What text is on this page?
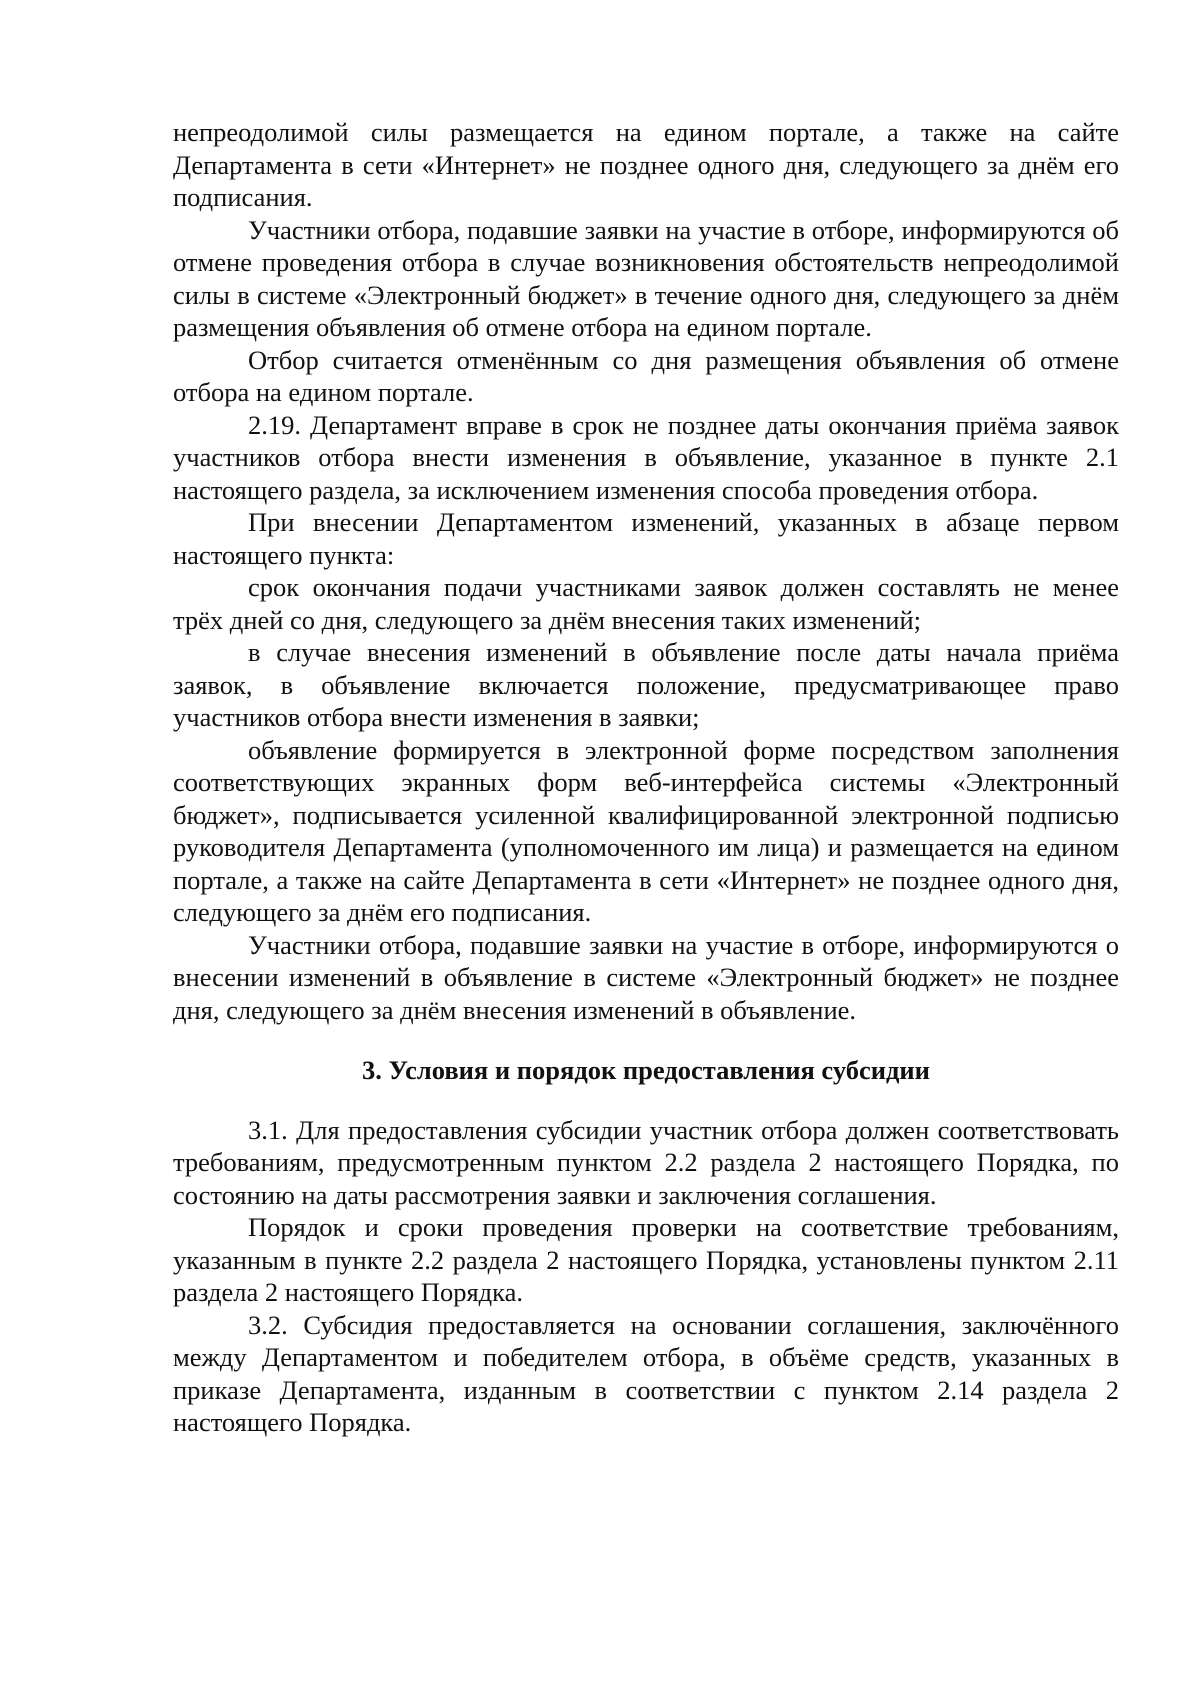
непреодолимой силы размещается на едином портале, а также на сайте Департамента в сети «Интернет» не позднее одного дня, следующего за днём его подписания.

Участники отбора, подавшие заявки на участие в отборе, информируются об отмене проведения отбора в случае возникновения обстоятельств непреодолимой силы в системе «Электронный бюджет» в течение одного дня, следующего за днём размещения объявления об отмене отбора на едином портале.

Отбор считается отменённым со дня размещения объявления об отмене отбора на едином портале.

2.19. Департамент вправе в срок не позднее даты окончания приёма заявок участников отбора внести изменения в объявление, указанное в пункте 2.1 настоящего раздела, за исключением изменения способа проведения отбора.

При внесении Департаментом изменений, указанных в абзаце первом настоящего пункта:

срок окончания подачи участниками заявок должен составлять не менее трёх дней со дня, следующего за днём внесения таких изменений;

в случае внесения изменений в объявление после даты начала приёма заявок, в объявление включается положение, предусматривающее право участников отбора внести изменения в заявки;

объявление формируется в электронной форме посредством заполнения соответствующих экранных форм веб-интерфейса системы «Электронный бюджет», подписывается усиленной квалифицированной электронной подписью руководителя Департамента (уполномоченного им лица) и размещается на едином портале, а также на сайте Департамента в сети «Интернет» не позднее одного дня, следующего за днём его подписания.

Участники отбора, подавшие заявки на участие в отборе, информируются о внесении изменений в объявление в системе «Электронный бюджет» не позднее дня, следующего за днём внесения изменений в объявление.

3. Условия и порядок предоставления субсидии

3.1. Для предоставления субсидии участник отбора должен соответствовать требованиям, предусмотренным пунктом 2.2 раздела 2 настоящего Порядка, по состоянию на даты рассмотрения заявки и заключения соглашения.

Порядок и сроки проведения проверки на соответствие требованиям, указанным в пункте 2.2 раздела 2 настоящего Порядка, установлены пунктом 2.11 раздела 2 настоящего Порядка.

3.2. Субсидия предоставляется на основании соглашения, заключённого между Департаментом и победителем отбора, в объёме средств, указанных в приказе Департамента, изданным в соответствии с пунктом 2.14 раздела 2 настоящего Порядка.
